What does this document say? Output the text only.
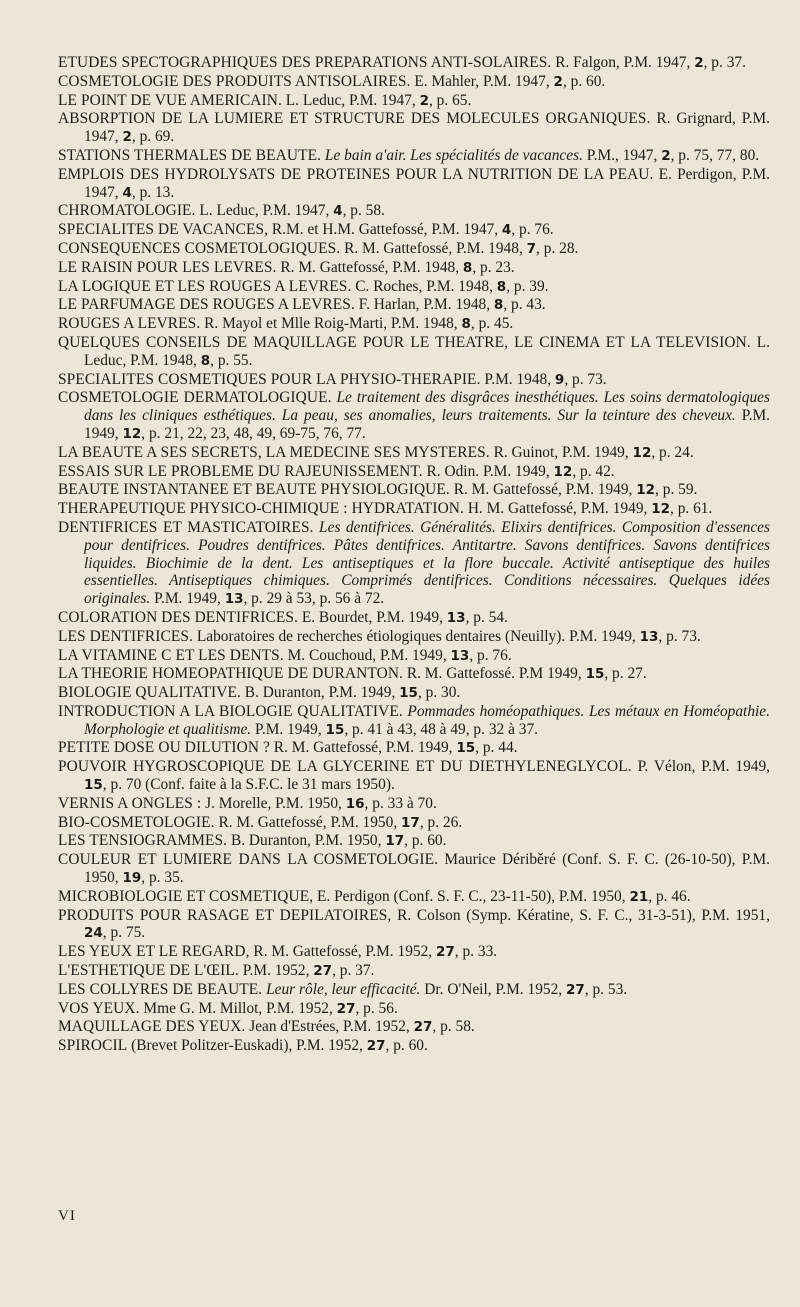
ETUDES SPECTOGRAPHIQUES DES PREPARATIONS ANTI-SOLAIRES. R. Falgon, P.M. 1947, 2, p. 37.

COSMETOLOGIE DES PRODUITS ANTISOLAIRES. E. Mahler, P.M. 1947, 2, p. 60.

LE POINT DE VUE AMERICAIN. L. Leduc, P.M. 1947, 2, p. 65.

ABSORPTION DE LA LUMIERE ET STRUCTURE DES MOLECULES ORGANIQUES. R. Grignard, P.M. 1947, 2, p. 69.

STATIONS THERMALES DE BEAUTE. Le bain a'air. Les spécialités de vacances. P.M., 1947, 2, p. 75, 77, 80.

EMPLOIS DES HYDROLYSATS DE PROTEINES POUR LA NUTRITION DE LA PEAU. E. Perdigon, P.M. 1947, 4, p. 13.

CHROMATOLOGIE. L. Leduc, P.M. 1947, 4, p. 58.

SPECIALITES DE VACANCES, R.M. et H.M. Gattefossé, P.M. 1947, 4, p. 76.

CONSEQUENCES COSMETOLOGIQUES. R. M. Gattefossé, P.M. 1948, 7, p. 28.

LE RAISIN POUR LES LEVRES. R. M. Gattefossé, P.M. 1948, 8, p. 23.

LA LOGIQUE ET LES ROUGES A LEVRES. C. Roches, P.M. 1948, 8, p. 39.

LE PARFUMAGE DES ROUGES A LEVRES. F. Harlan, P.M. 1948, 8, p. 43.

ROUGES A LEVRES. R. Mayol et Mlle Roig-Marti, P.M. 1948, 8, p. 45.

QUELQUES CONSEILS DE MAQUILLAGE POUR LE THEATRE, LE CINEMA ET LA TELEVISION. L. Leduc, P.M. 1948, 8, p. 55.

SPECIALITES COSMETIQUES POUR LA PHYSIO-THERAPIE. P.M. 1948, 9, p. 73.

COSMETOLOGIE DERMATOLOGIQUE. Le traitement des disgrâces inesthétiques. Les soins dermatologiques dans les cliniques esthétiques. La peau, ses anomalies, leurs traitements. Sur la teinture des cheveux. P.M. 1949, 12, p. 21, 22, 23, 48, 49, 69-75, 76, 77.

LA BEAUTE A SES SECRETS, LA MEDECINE SES MYSTERES. R. Guinot, P.M. 1949, 12, p. 24.

ESSAIS SUR LE PROBLEME DU RAJEUNISSEMENT. R. Odin. P.M. 1949, 12, p. 42.

BEAUTE INSTANTANEE ET BEAUTE PHYSIOLOGIQUE. R. M. Gattefossé, P.M. 1949, 12, p. 59.

THERAPEUTIQUE PHYSICO-CHIMIQUE : HYDRATATION. H. M. Gattefossé, P.M. 1949, 12, p. 61.

DENTIFRICES ET MASTICATOIRES. Les dentifrices. Généralités. Elixirs dentifrices. Composition d'essences pour dentifrices. Poudres dentifrices. Pâtes dentifrices. Antitartre. Savons dentifrices. Savons dentifrices liquides. Biochimie de la dent. Les antiseptiques et la flore buccale. Activité antiseptique des huiles essentielles. Antiseptiques chimiques. Comprimés dentifrices. Conditions nécessaires. Quelques idées originales. P.M. 1949, 13, p. 29 à 53, p. 56 à 72.

COLORATION DES DENTIFRICES. E. Bourdet, P.M. 1949, 13, p. 54.

LES DENTIFRICES. Laboratoires de recherches étiologiques dentaires (Neuilly). P.M. 1949, 13, p. 73.

LA VITAMINE C ET LES DENTS. M. Couchoud, P.M. 1949, 13, p. 76.

LA THEORIE HOMEOPATHIQUE DE DURANTON. R. M. Gattefossé. P.M 1949, 15, p. 27.

BIOLOGIE QUALITATIVE. B. Duranton, P.M. 1949, 15, p. 30.

INTRODUCTION A LA BIOLOGIE QUALITATIVE. Pommades homéopathiques. Les métaux en Homéopathie. Morphologie et qualitisme. P.M. 1949, 15, p. 41 à 43, 48 à 49, p. 32 à 37.

PETITE DOSE OU DILUTION ? R. M. Gattefossé, P.M. 1949, 15, p. 44.

POUVOIR HYGROSCOPIQUE DE LA GLYCERINE ET DU DIETHYLENEGLYCOL. P. Vélon, P.M. 1949, 15, p. 70 (Conf. faite à la S.F.C. le 31 mars 1950).

VERNIS A ONGLES : J. Morelle, P.M. 1950, 16, p. 33 à 70.

BIO-COSMETOLOGIE. R. M. Gattefossé, P.M. 1950, 17, p. 26.

LES TENSIOGRAMMES. B. Duranton, P.M. 1950, 17, p. 60.

COULEUR ET LUMIERE DANS LA COSMETOLOGIE. Maurice Dériběré (Conf. S. F. C. (26-10-50), P.M. 1950, 19, p. 35.

MICROBIOLOGIE ET COSMETIQUE, E. Perdigon (Conf. S. F. C., 23-11-50), P.M. 1950, 21, p. 46.

PRODUITS POUR RASAGE ET DEPILATOIRES, R. Colson (Symp. Kératine, S. F. C., 31-3-51), P.M. 1951, 24, p. 75.

LES YEUX ET LE REGARD, R. M. Gattefossé, P.M. 1952, 27, p. 33.

L'ESTHETIQUE DE L'ŒIL. P.M. 1952, 27, p. 37.

LES COLLYRES DE BEAUTE. Leur rôle, leur efficacité. Dr. O'Neil, P.M. 1952, 27, p. 53.

VOS YEUX. Mme G. M. Millot, P.M. 1952, 27, p. 56.

MAQUILLAGE DES YEUX. Jean d'Estrées, P.M. 1952, 27, p. 58.

SPIROCIL (Brevet Politzer-Euskadi), P.M. 1952, 27, p. 60.

VI
